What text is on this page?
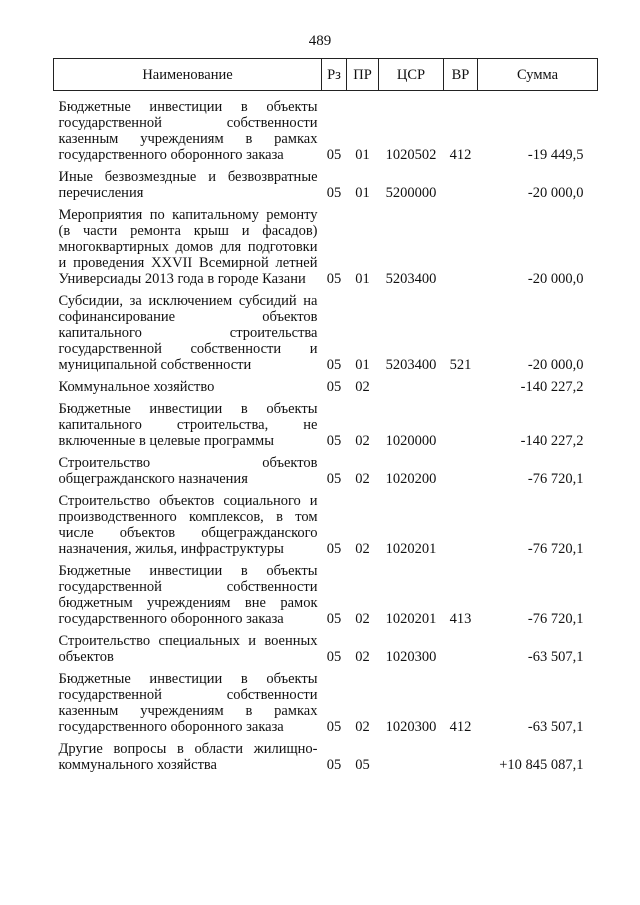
489
Наименование	Рз	ПР	ЦСР	ВР	Сумма

Бюджетные инвестиции в объекты государственной собственности казенным учреждениям в рамках государственного оборонного заказа	05	01	1020502	412	-19 449,5

Иные безвозмездные и безвозвратные перечисления	05	01	5200000		-20 000,0

Мероприятия по капитальному ремонту (в части ремонта крыш и фасадов) многоквартирных домов для подготовки и проведения XXVII Всемирной летней Универсиады 2013 года в городе Казани	05	01	5203400		-20 000,0

Субсидии, за исключением субсидий на софинансирование объектов капитального строительства государственной собственности и муниципальной собственности	05	01	5203400	521	-20 000,0

Коммунальное хозяйство	05	02			-140 227,2

Бюджетные инвестиции в объекты капитального строительства, не включенные в целевые программы	05	02	1020000		-140 227,2

Строительство объектов общегражданского назначения	05	02	1020200		-76 720,1

Строительство объектов социального и производственного комплексов, в том числе объектов общегражданского назначения, жилья, инфраструктуры	05	02	1020201		-76 720,1

Бюджетные инвестиции в объекты государственной собственности бюджетным учреждениям вне рамок государственного оборонного заказа	05	02	1020201	413	-76 720,1

Строительство специальных и военных объектов	05	02	1020300		-63 507,1

Бюджетные инвестиции в объекты государственной собственности казенным учреждениям в рамках государственного оборонного заказа	05	02	1020300	412	-63 507,1

Другие вопросы в области жилищно-коммунального хозяйства	05	05			+10 845 087,1
